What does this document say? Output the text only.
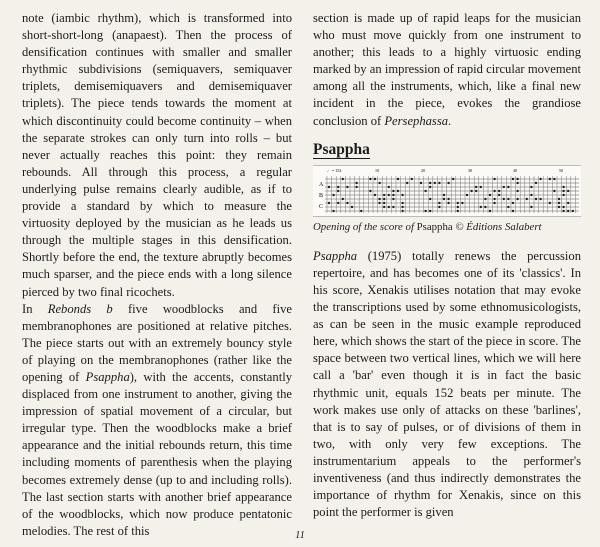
note (iambic rhythm), which is transformed into short-short-long (anapaest). Then the process of densification continues with smaller and smaller rhythmic subdivisions (semiquavers, semiquaver triplets, demisemiquavers and demisemiquaver triplets). The piece tends towards the moment at which discontinuity could become continuity – when the separate strokes can only turn into rolls – but never actually reaches this point: they remain rebounds. All through this process, a regular underlying pulse remains clearly audible, as if to provide a standard by which to measure the virtuosity deployed by the musician as he leads us through the multiple stages in this densification. Shortly before the end, the texture abruptly becomes much sparser, and the piece ends with a long silence pierced by two final ricochets.

In Rebonds b five woodblocks and five membranophones are positioned at relative pitches. The piece starts out with an extremely bouncy style of playing on the membranophones (rather like the opening of Psappha), with the accents, constantly displaced from one instrument to another, giving the impression of spatial movement of a circular, but irregular type. Then the woodblocks make a brief appearance and the initial rebounds return, this time including moments of parenthesis when the playing becomes extremely dense (up to and including rolls). The last section starts with another brief appearance of the woodblocks, which now produce pentatonic melodies. The rest of this

section is made up of rapid leaps for the musician who must move quickly from one instrument to another; this leads to a highly virtuosic ending marked by an impression of rapid circular movement among all the instruments, which, like a final new incident in the piece, evokes the grandiose conclusion of Persephassa.

Psappha

A
B
C
♩ = 152	10	20	30	40	50

Opening of the score of Psappha © Éditions Salabert

Psappha (1975) totally renews the percussion repertoire, and has becomes one of its 'classics'. In his score, Xenakis utilises notation that may evoke the transcriptions used by some ethnomusicologists, as can be seen in the music example reproduced here, which shows the start of the piece in score. The space between two vertical lines, which we will here call a 'bar' even though it is in fact the basic rhythmic unit, equals 152 beats per minute. The work makes use only of attacks on these 'barlines', that is to say of pulses, or of divisions of them in two, with only very few exceptions. The instrumentarium appeals to the performer's inventiveness (and thus indirectly demonstrates the importance of rhythm for Xenakis, since on this point the performer is given

11
